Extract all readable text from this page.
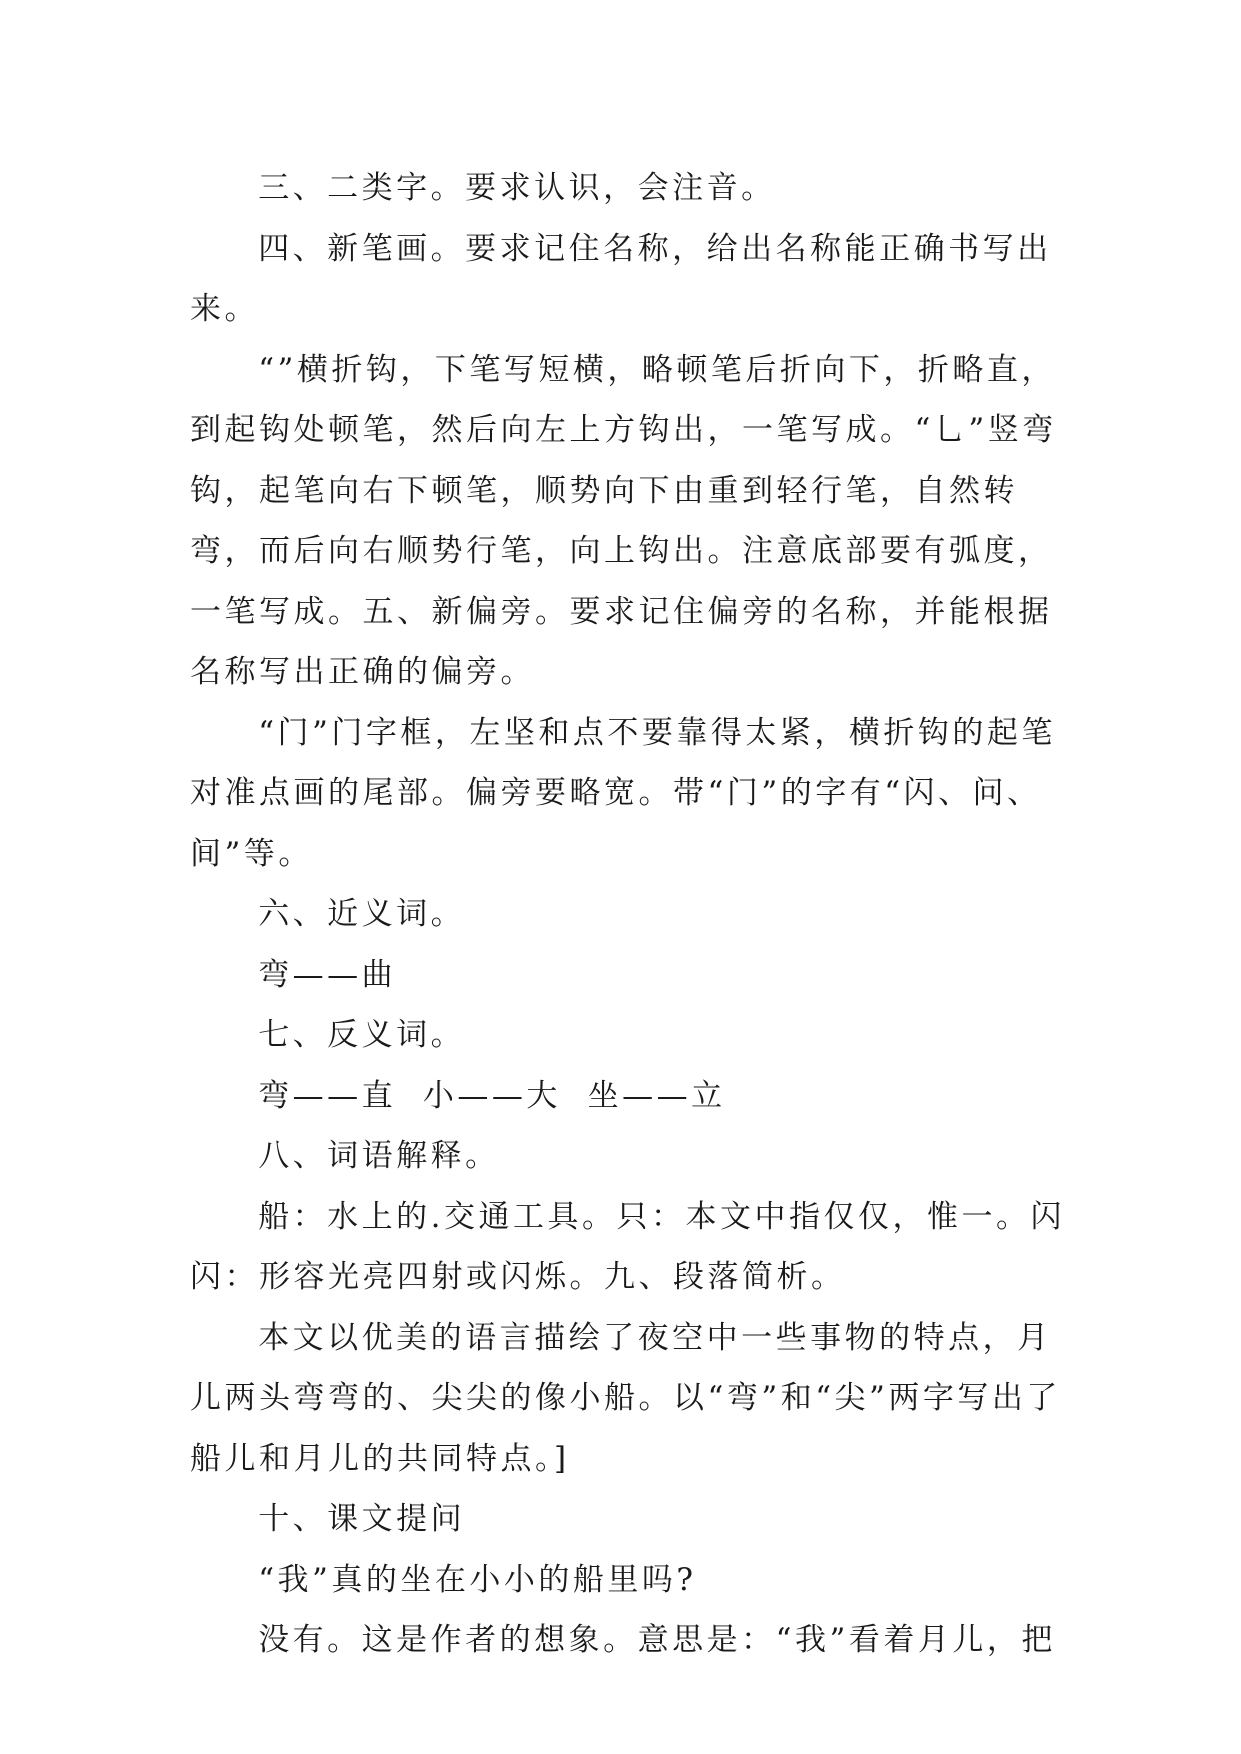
三、二类字。要求认识，会注音。

四、新笔画。要求记住名称，给出名称能正确书写出来。

“”横折钩，下笔写短横，略顿笔后折向下，折略直，到起钩处顿笔，然后向左上方钩出，一笔写成。“乚”竖弯钩，起笔向右下顿笔，顺势向下由重到轻行笔，自然转弯，而后向右顺势行笔，向上钩出。注意底部要有弧度，一笔写成。五、新偏旁。要求记住偏旁的名称，并能根据名称写出正确的偏旁。

“门”门字框，左坚和点不要靠得太紧，横折钩的起笔对准点画的尾部。偏旁要略宽。带“门”的字有“闪、问、间”等。

六、近义词。

弯——曲

七、反义词。

弯——直  小——大  坐——立

八、词语解释。

船：水上的.交通工具。只：本文中指仅仅，惟一。闪闪：形容光亮四射或闪烁。九、段落简析。

本文以优美的语言描绘了夜空中一些事物的特点，月儿两头弯弯的、尖尖的像小船。以“弯”和“尖”两字写出了船儿和月儿的共同特点。]

十、课文提问

“我”真的坐在小小的船里吗?

没有。这是作者的想象。意思是：“我”看着月儿，把
